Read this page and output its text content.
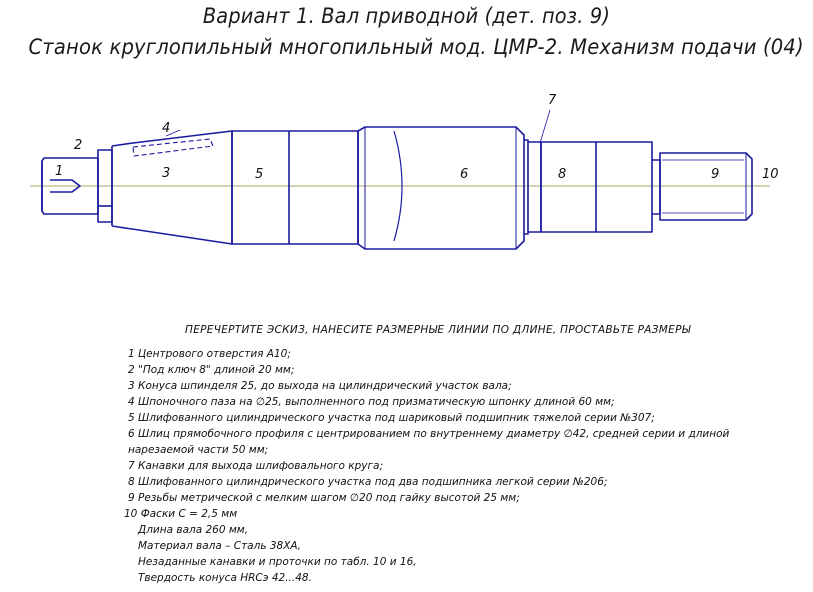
Вариант 1. Вал приводной (дет. поз. 9)
Станок круглопильный многопильный мод. ЦМР-2. Механизм подачи (04)
1
2
3
4
5	6
7
8	9	10
ПЕРЕЧЕРТИТЕ ЭСКИЗ, НАНЕСИТЕ РАЗМЕРНЫЕ ЛИНИИ ПО ДЛИНЕ, ПРОСТАВЬТЕ РАЗМЕРЫ
1 Центрового отверстия А10;
2 "Под ключ 8" длиной 20 мм;
3 Конуса шпинделя 25, до выхода на цилиндрический участок вала;
4 Шпоночного паза на ∅25, выполненного под призматическую шпонку длиной 60 мм;
5 Шлифованного цилиндрического участка под шариковый подшипник тяжелой серии №307;
6 Шлиц прямобочного профиля с центрированием по внутреннему диаметру ∅42, средней серии и длиной
нарезаемой части 50 мм;
7 Канавки для выхода шлифовального круга;
8 Шлифованного цилиндрического участка под два подшипника легкой серии №206;
9 Резьбы метрической с мелким шагом ∅20 под гайку высотой 25 мм;
10 Фаски С = 2,5 мм
Длина вала 260 мм,
Материал вала – Сталь 38ХА,
Незаданные канавки и проточки по табл. 10 и 16,
Твердость конуса HRCэ 42...48.
